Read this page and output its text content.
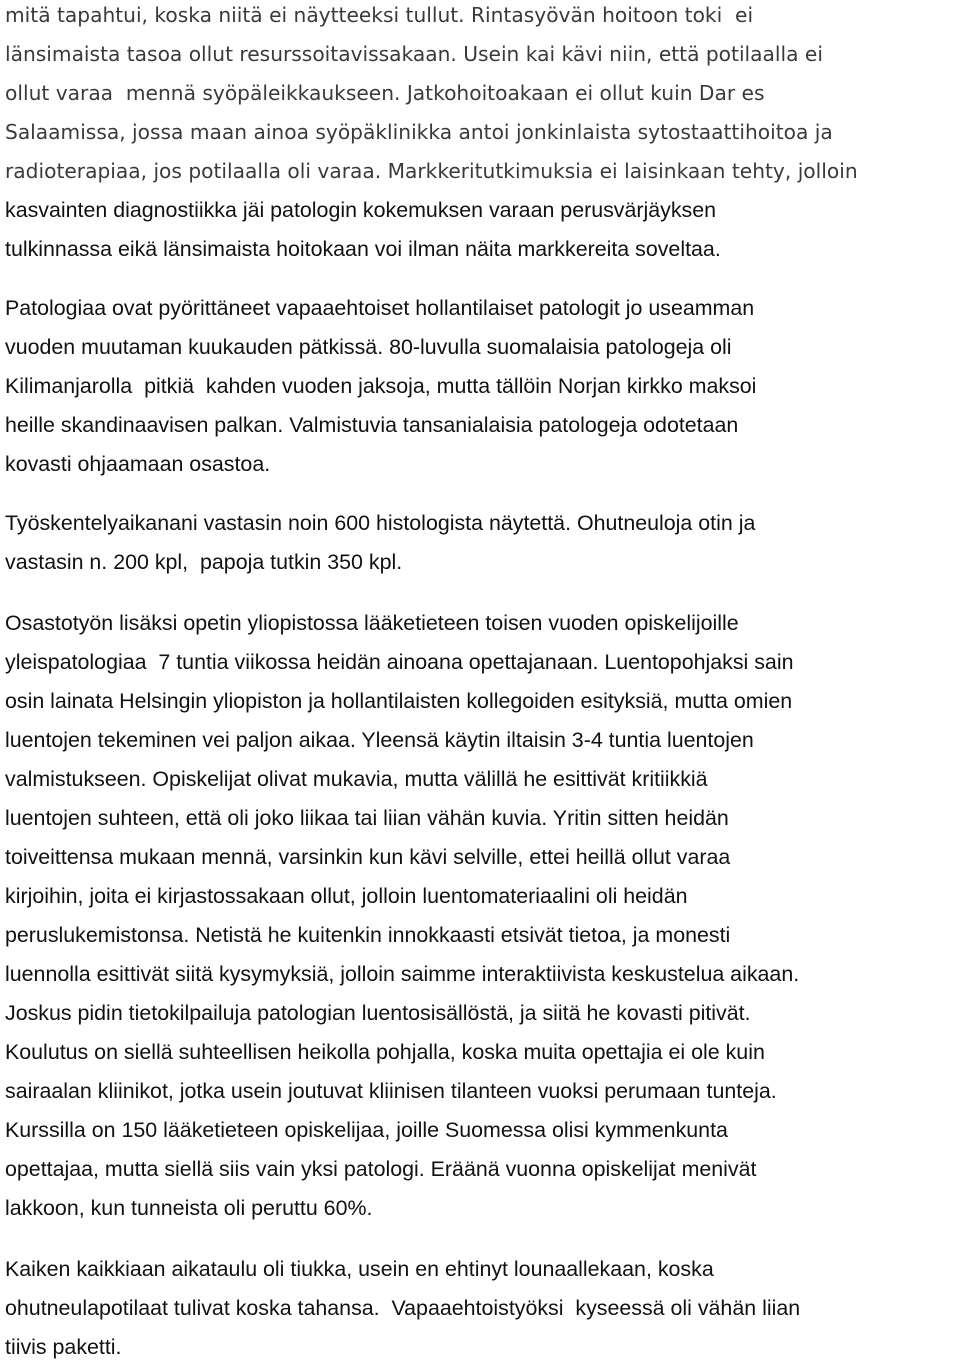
mitä tapahtui, koska niitä ei näytteeksi tullut. Rintasyövän hoitoon toki  ei

länsimaista tasoa ollut resurssoitavissakaan. Usein kai kävi niin, että potilaalla ei

ollut varaa  mennä syöpäleikkaukseen. Jatkohoitoakaan ei ollut kuin Dar es

Salaamissa, jossa maan ainoa syöpäklinikka antoi jonkinlaista sytostaattihoitoa ja

radioterapiaa, jos potilaalla oli varaa. Markkeritutkimuksia ei laisinkaan tehty, jolloin

kasvainten diagnostiikka jäi patologin kokemuksen varaan perusvärjäyksen

tulkinnassa eikä länsimaista hoitokaan voi ilman näita markkereita soveltaa.

Patologiaa ovat pyörittäneet vapaaehtoiset hollantilaiset patologit jo useamman

vuoden muutaman kuukauden pätkissä. 80-luvulla suomalaisia patologeja oli

Kilimanjarolla  pitkiä  kahden vuoden jaksoja, mutta tällöin Norjan kirkko maksoi

heille skandinaavisen palkan. Valmistuvia tansanialaisia patologeja odotetaan

kovasti ohjaamaan osastoa.

Työskentelyaikanani vastasin noin 600 histologista näytettä. Ohutneuloja otin ja

vastasin n. 200 kpl,  papoja tutkin 350 kpl.

Osastotyön lisäksi opetin yliopistossa lääketieteen toisen vuoden opiskelijoille

yleispatologiaa  7 tuntia viikossa heidän ainoana opettajanaan. Luentopohjaksi sain

osin lainata Helsingin yliopiston ja hollantilaisten kollegoiden esityksiä, mutta omien

luentojen tekeminen vei paljon aikaa. Yleensä käytin iltaisin 3-4 tuntia luentojen

valmistukseen. Opiskelijat olivat mukavia, mutta välillä he esittivät kritiikkiä

luentojen suhteen, että oli joko liikaa tai liian vähän kuvia. Yritin sitten heidän

toiveittensa mukaan mennä, varsinkin kun kävi selville, ettei heillä ollut varaa

kirjoihin, joita ei kirjastossakaan ollut, jolloin luentomateriaalini oli heidän

peruslukemistonsa. Netistä he kuitenkin innokkaasti etsivät tietoa, ja monesti

luennolla esittivät siitä kysymyksiä, jolloin saimme interaktiivista keskustelua aikaan.

Joskus pidin tietokilpailuja patologian luentosisällöstä, ja siitä he kovasti pitivät.

Koulutus on siellä suhteellisen heikolla pohjalla, koska muita opettajia ei ole kuin

sairaalan kliinikot, jotka usein joutuvat kliinisen tilanteen vuoksi perumaan tunteja.

Kurssilla on 150 lääketieteen opiskelijaa, joille Suomessa olisi kymmenkunta

opettajaa, mutta siellä siis vain yksi patologi. Eräänä vuonna opiskelijat menivät

lakkoon, kun tunneista oli peruttu 60%.

Kaiken kaikkiaan aikataulu oli tiukka, usein en ehtinyt lounaallekaan, koska

ohutneulapotilaat tulivat koska tahansa.  Vapaaehtoistyöksi  kyseessä oli vähän liian

tiivis paketti.
